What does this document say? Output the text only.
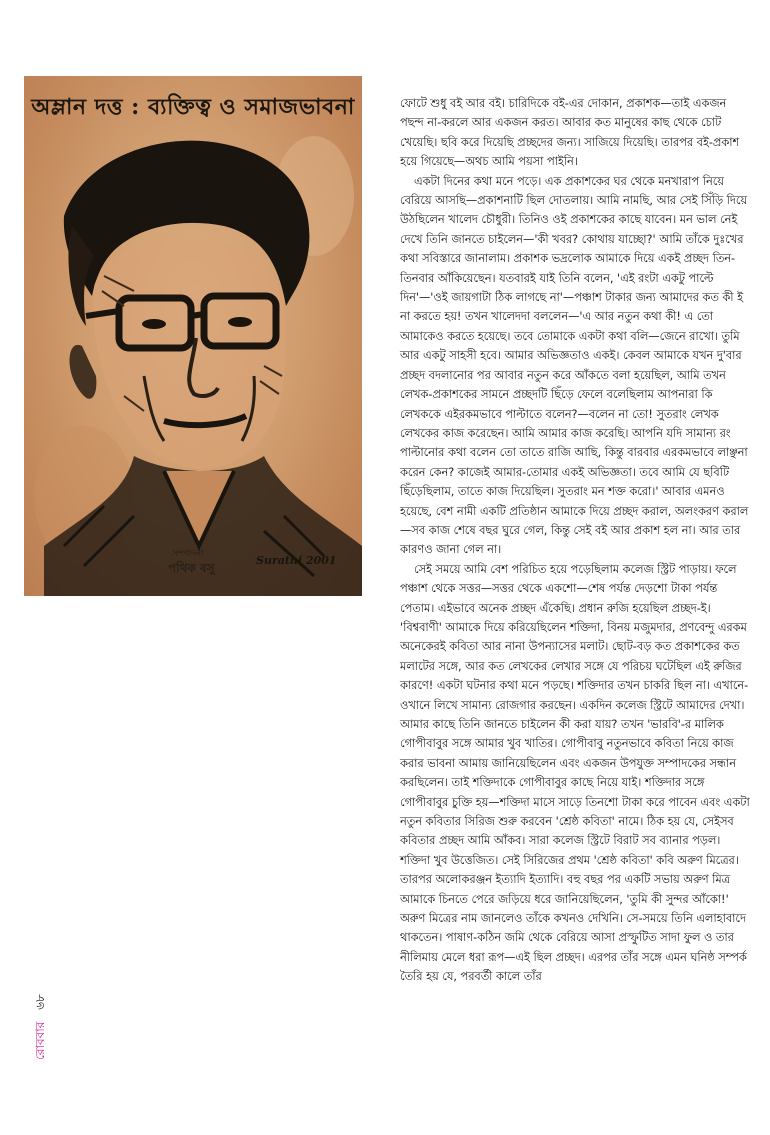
Surathi 2001
অম্লান দত্ত : ব্যক্তিত্ব ও সমাজভাবনা
সম্পাদনা
পথিক বসু
রোববার ৬৮

ফোটে শুধু বই আর বই। চারিদিকে বই-এর দোকান, প্রকাশক—তাই একজন পছন্দ না-করলে আর একজন করত। আবার কত মানুষের কাছ থেকে চোট খেয়েছি। ছবি করে দিয়েছি প্রচ্ছদের জন্য। সাজিয়ে দিয়েছি। তারপর বই-প্রকাশ হয়ে গিয়েছে—অথচ আমি পয়সা পাইনি।

একটা দিনের কথা মনে পড়ে। এক প্রকাশকের ঘর থেকে মনখারাপ নিয়ে বেরিয়ে আসছি—প্রকাশনাটি ছিল দোতলায়। আমি নামছি, আর সেই সিঁড়ি দিয়ে উঠছিলেন খালেদ চৌধুরী। তিনিও ওই প্রকাশকের কাছে যাবেন। মন ভাল নেই দেখে তিনি জানতে চাইলেন—'কী খবর? কোথায় যাচ্ছো?' আমি তাঁকে দুঃখের কথা সবিস্তারে জানালাম। প্রকাশক ভদ্রলোক আমাকে দিয়ে একই প্রচ্ছদ তিন-তিনবার আঁকিয়েছেন। যতবারই যাই তিনি বলেন, 'এই রংটা একটু পাল্টে দিন'—'ওই জায়গাটা ঠিক লাগছে না'—পঞ্চাশ টাকার জন্য আমাদের কত কী ই না করতে হয়! তখন খালেদদা বললেন—'এ আর নতুন কথা কী! এ তো আমাকেও করতে হয়েছে। তবে তোমাকে একটা কথা বলি—জেনে রাখো। তুমি আর একটু সাহসী হবে। আমার অভিজ্ঞতাও একই। কেবল আমাকে যখন দু'বার প্রচ্ছদ বদলানোর পর আবার নতুন করে আঁকতে বলা হয়েছিল, আমি তখন লেখক-প্রকাশকের সামনে প্রচ্ছদটি ছিঁড়ে ফেলে বলেছিলাম আপনারা কি লেখককে এইরকমভাবে পাল্টাতে বলেন?—বলেন না তো! সুতরাং লেখক লেখকের কাজ করেছেন। আমি আমার কাজ করেছি। আপনি যদি সামান্য রং পাল্টানোর কথা বলেন তো তাতে রাজি আছি, কিন্তু বারবার এরকমভাবে লাঞ্ছনা করেন কেন? কাজেই আমার-তোমার একই অভিজ্ঞতা। তবে আমি যে ছবিটি ছিঁড়েছিলাম, তাতে কাজ দিয়েছিল। সুতরাং মন শক্ত করো।' আবার এমনও হয়েছে, বেশ নামী একটি প্রতিষ্ঠান আমাকে দিয়ে প্রচ্ছদ করাল, অলংকরণ করাল—সব কাজ শেষে বছর ঘুরে গেল, কিন্তু সেই বই আর প্রকাশ হল না। আর তার কারণও জানা গেল না।

সেই সময়ে আমি বেশ পরিচিত হয়ে পড়েছিলাম কলেজ স্ট্রিট পাড়ায়। ফলে পঞ্চাশ থেকে সত্তর—সত্তর থেকে একশো—শেষ পর্যন্ত দেড়শো টাকা পর্যন্ত পেতাম। এইভাবে অনেক প্রচ্ছদ এঁকেছি। প্রধান রুজি হয়েছিল প্রচ্ছদ-ই। 'বিশ্ববাণী' আমাকে দিয়ে করিয়েছিলেন শক্তিদা, বিনয় মজুমদার, প্রণবেন্দু এরকম অনেকেরই কবিতা আর নানা উপন্যাসের মলাট। ছোট-বড় কত প্রকাশকের কত মলাটের সঙ্গে, আর কত লেখকের লেখার সঙ্গে যে পরিচয় ঘটেছিল এই রুজির কারণে! একটা ঘটনার কথা মনে পড়ছে। শক্তিদার তখন চাকরি ছিল না। এখানে-ওখানে লিখে সামান্য রোজগার করছেন। একদিন কলেজ স্ট্রিটে আমাদের দেখা। আমার কাছে তিনি জানতে চাইলেন কী করা যায়? তখন 'ভারবি'-র মালিক গোপীবাবুর সঙ্গে আমার খুব খাতির। গোপীবাবু নতুনভাবে কবিতা নিয়ে কাজ করার ভাবনা আমায় জানিয়েছিলেন এবং একজন উপযুক্ত সম্পাদকের সন্ধান করছিলেন। তাই শক্তিদাকে গোপীবাবুর কাছে নিয়ে যাই। শক্তিদার সঙ্গে গোপীবাবুর চুক্তি হয়—শক্তিদা মাসে সাড়ে তিনশো টাকা করে পাবেন এবং একটা নতুন কবিতার সিরিজ শুরু করবেন 'শ্রেষ্ঠ কবিতা' নামে। ঠিক হয় যে, সেইসব কবিতার প্রচ্ছদ আমি আঁকব। সারা কলেজ স্ট্রিটে বিরাট সব ব্যানার পড়ল। শক্তিদা খুব উত্তেজিত। সেই সিরিজের প্রথম 'শ্রেষ্ঠ কবিতা' কবি অরুণ মিত্রের। তারপর অলোকরঞ্জন ইত্যাদি ইত্যাদি। বহু বছর পর একটি সভায় অরুণ মিত্র আমাকে চিনতে পেরে জড়িয়ে ধরে জানিয়েছিলেন, 'তুমি কী সুন্দর আঁকো!' অরুণ মিত্রের নাম জানলেও তাঁকে কখনও দেখিনি। সে-সময়ে তিনি এলাহাবাদে থাকতেন। পাষাণ-কঠিন জমি থেকে বেরিয়ে আসা প্রস্ফুটিত সাদা ফুল ও তার নীলিমায় মেলে ধরা রূপ—এই ছিল প্রচ্ছদ। এরপর তাঁর সঙ্গে এমন ঘনিষ্ঠ সম্পর্ক তৈরি হয় যে, পরবর্তী কালে তাঁর
